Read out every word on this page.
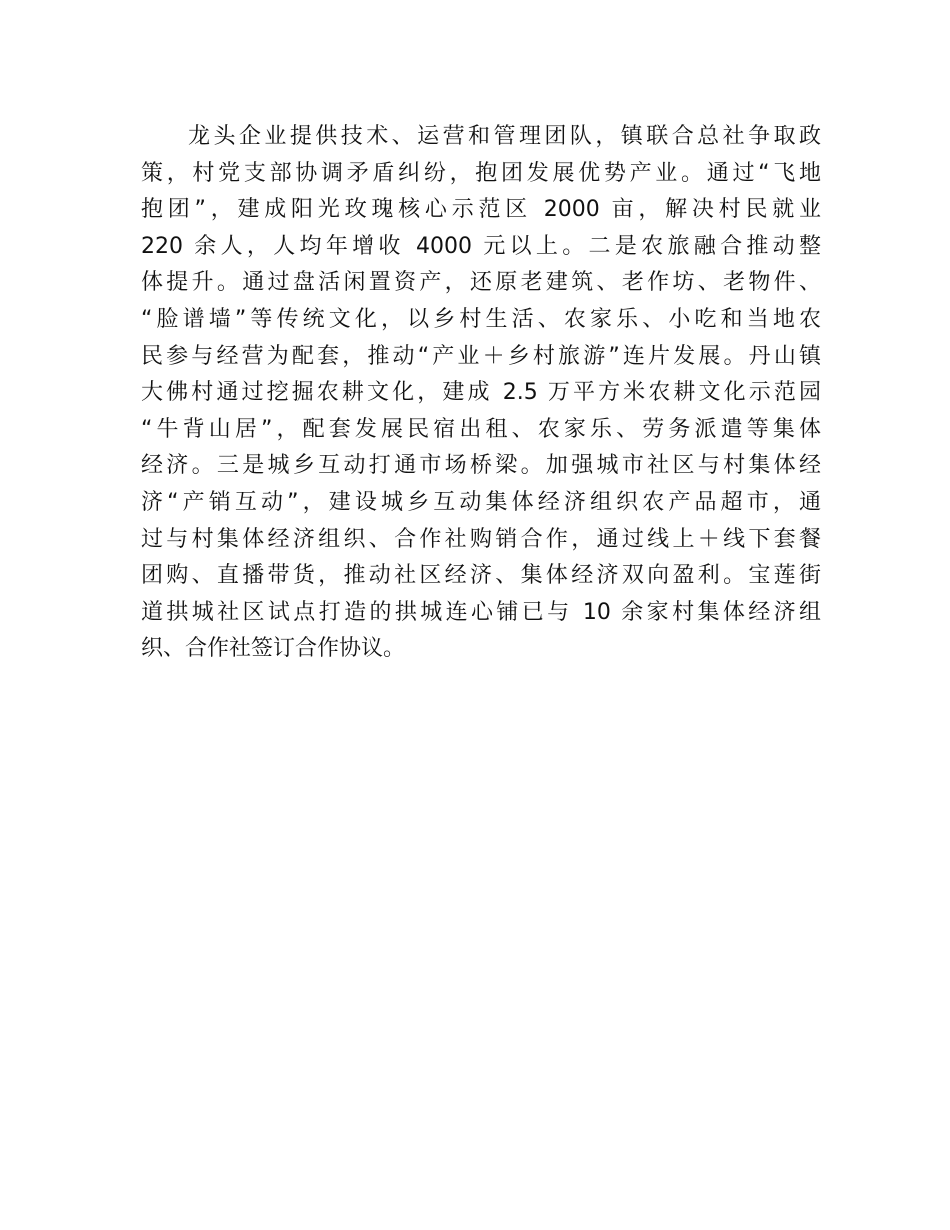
龙头企业提供技术、运营和管理团队，镇联合总社争取政
策，村党支部协调矛盾纠纷，抱团发展优势产业。通过“飞地
抱团”，建成阳光玫瑰核心示范区 2000 亩，解决村民就业
220 余人，人均年增收 4000 元以上。二是农旅融合推动整
体提升。通过盘活闲置资产，还原老建筑、老作坊、老物件、
“脸谱墙”等传统文化，以乡村生活、农家乐、小吃和当地农
民参与经营为配套，推动“产业＋乡村旅游”连片发展。丹山镇
大佛村通过挖掘农耕文化，建成 2.5 万平方米农耕文化示范园
“牛背山居”，配套发展民宿出租、农家乐、劳务派遣等集体
经济。三是城乡互动打通市场桥梁。加强城市社区与村集体经
济“产销互动”，建设城乡互动集体经济组织农产品超市，通
过与村集体经济组织、合作社购销合作，通过线上＋线下套餐
团购、直播带货，推动社区经济、集体经济双向盈利。宝莲街
道拱城社区试点打造的拱城连心铺已与 10 余家村集体经济组
织、合作社签订合作协议。
